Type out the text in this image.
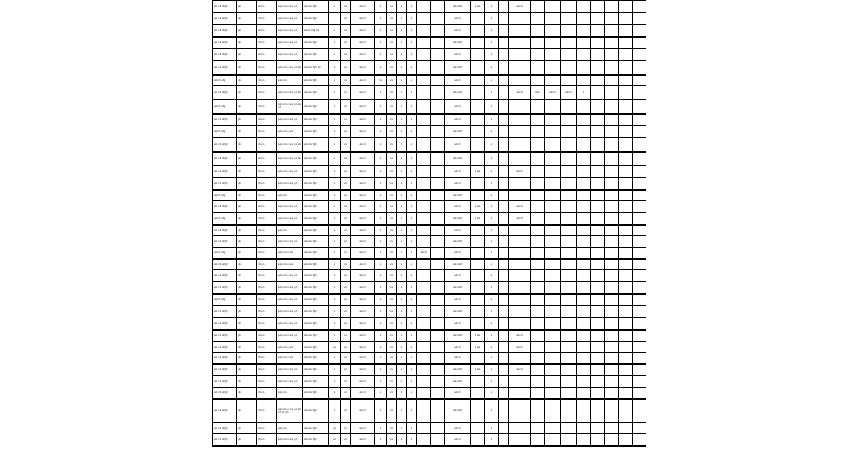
ab cd efgh	ijk	lmno	pqrs tuv wx yz	abcde fgh	x	xx	abcd	x	xx	x	x			abcdef	x ab	x		abcd								
ab cd efgh	ijk	lmno	pqrs tuv wx yz	abcde fgh		xx	abcd	x	xx	x	x			abcd		x										
ab cd efgh	ijk	lmno	pqrs tuv wx yz	abcd efg hij	x	xx	abcd	x	xx	x	x			abcd		x										
ab cd efgh	ijk	lmno	pqrs tuv wx yz	abcde fgh	x	xx	abcd	x	xx	x	x			abcdef		x										
ab cd efgh	ijk	lmno	pqrs tuv wx yz	abcde fgh	x	xx	abcd	x	xx	x	x			abcd		x										
ab cd efgh	ijk	lmno	pqrs tuv wx yz ab	abcde fgh ijk	x	xx	abcd	x	xx	x	x			abcdef		x										
abcd efg	ijk	lmno	pqrs tu	abcde fgh	x	xx	abcd	xx	xx	x	x			abcd		x										
ab cd efgh	ijk	lmno	pqrs tuv wx yz ab	abcde fgh	x	xx	abcd	x	xx	x	x			abcdef		x		abcd	abc	abcd	abcd	x				
abcd efg	ijk	lmno	pqrs tuv wx yz ab cd	abcde fgh	x	xx	abcd	x	xx	x	x			abcd		x										
ab cd efgh	ijk	lmno	pqrs tuv wx yz	abcde fgh	x	xx	abcd	x	xx	x	x			abcd		x										
abcd efg	ijk	lmno	pqrs tuv wx	abcde fgh	x	xx	abcd	x	xx	x	x			abcdef		x										
ab cd efgh	ijk	lmno	pqrs tuv wx yz ab	abcde fgh	x	xx	abcd	x	xx	x	x			abcd		x										
ab cd efgh	ijk	lmno	pqrs tuv wx yz ab	abcde fgh	x	xx	abcd	x	xx	x	x			abcdef		x										
ab cd efgh	ijk	lmno	pqrs tuv wx yz	abcde fgh	x	xx	abcd	x	xx	x	x			abcd	x ab	x		abcd								
ab cd efgh	ijk	lmno	pqrs tuv wx yz	abcde fgh	x	xx	abcd	x	xx	x	x			abcd		x										
abcd efg	ijk	lmno	pqrs tu	abcde fgh	x	xx	abcd	x	xx	x	x			abcdef		x										
ab cd efgh	ijk	lmno	pqrs tuv wx yz	abcde fgh	x	xx	abcd	x	xx	x	x			abcd	x ab	x		abcd								
abcd efg	ijk	lmno	pqrs tuv wx yz	abcde fgh	x	xx	abcd	x	xx	x	x			abcdef	x ab	x		abcd								
ab cd efgh	ijk	lmno	pqrs tu	abcde fgh	x	xx	abcd	x	xx	x	x			abcd		x										
ab cd efgh	ijk	lmno	pqrs tuv wx yz	abcde fgh	x	xx	abcd	x	xx	x	x			abcdef		x										
abcd efg	ijk	lmno	pqrs tuv wx	abcde fgh	x	xx	abcd	x	xx	x	x	abcd		abcd		x										
ab cd efgh	ijk	lmno	pqrs tuv wx	abcde fgh	x	xx	abcd	x	xx	x	x			abcdef		x										
ab cd efgh	ijk	lmno	pqrs tuv wx yz	abcde fgh	x	xx	abcd	x	xx	x	x			abcd		x										
ab cd efgh	ijk	lmno	pqrs tuv wx yz	abcde fgh	x	xx	abcd	x	xx	x	x			abcdef		x										
abcd efg	ijk	lmno	pqrs tuv wx yz	abcde fgh	x	xx	abcd	x	xx	x	x			abcd		x										
ab cd efgh	ijk	lmno	pqrs tuv wx yz	abcde fgh	x	xx	abcd	x	xx	x	x			abcdef		x										
ab cd efgh	ijk	lmno	pqrs tuv wx yz	abcde fgh	x	xx	abcd	x	xx	x	x			abcd		x										
ab cd efgh	ijk	lmno	pqrs tuv wx yz	abcde fgh	x	xx	abcd	x	xx	x	x			abcdef	x ab	x		abcd								
ab cd efgh	ijk	lmno	pqrs tuv wx	abcde fgh	xx	xx	abcd	x	xx	x	x			abcd	x ab	x		abcd								
ab cd efgh	ijk	lmno	pqrs tuv wx	abcde fgh	x	xx	abcd	x	xx	x	x			abcd		x										
ab cd efgh	ijk	lmno	pqrs tuv wx yz	abcde fgh	x	xx	abcd	x	xx	x	x			abcdef	x ab	x		abcd								
ab cd efgh	ijk	lmno	pqrs tuv wx yz	abcde fgh	x	xx	abcd	x	xx	x	x			abcdef		x										
ab cd efgh	ijk	lmno	pqrs tu	abcde fgh	x	xx	abcd	x	xx	x	x			abcd		x										
ab cd efgh	ijk	lmno	pqrs tuv wx yz ab cd ef gh	abcde fgh	x	xx	abcd	x	xx	x	x			abcdef		x										
ab cd efgh	ijk	lmno	pqrs tu	abcde fgh	xx	xx	abcd	x	xx	x	x			abcd		x										
ab cd efgh	ijk	lmno	pqrs tuv wx yz	abcde fgh	xx	xx	abcd	x	xx	x	x			abcd		x										
